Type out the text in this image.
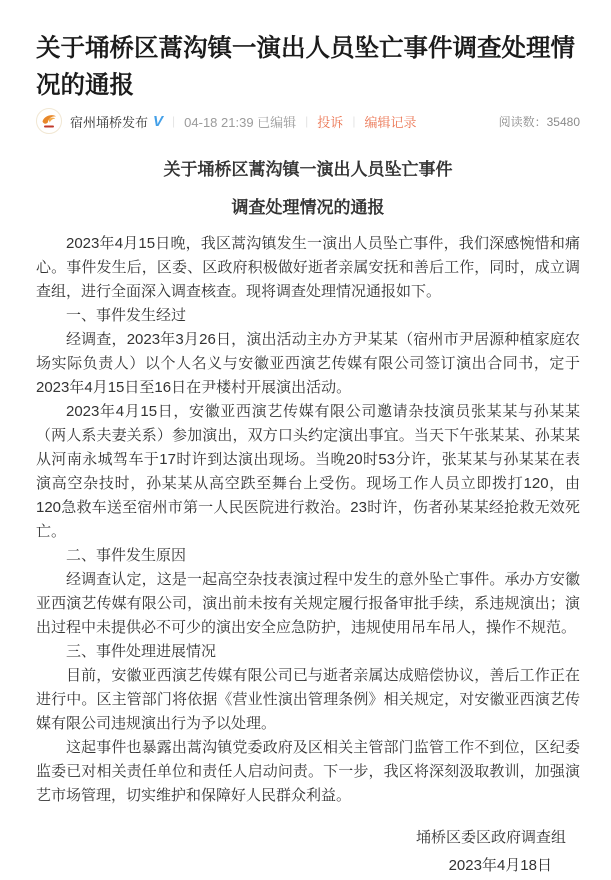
关于埇桥区蒿沟镇一演出人员坠亡事件调查处理情况的通报
宿州埇桥发布 V | 04-18 21:39 已编辑 | 投诉 | 编辑记录	阅读数：35480
关于埇桥区蒿沟镇一演出人员坠亡事件
调查处理情况的通报

2023年4月15日晚，我区蒿沟镇发生一演出人员坠亡事件，我们深感惋惜和痛心。事件发生后，区委、区政府积极做好逝者亲属安抚和善后工作，同时，成立调查组，进行全面深入调查核查。现将调查处理情况通报如下。

一、事件发生经过

经调查，2023年3月26日，演出活动主办方尹某某（宿州市尹居源种植家庭农场实际负责人）以个人名义与安徽亚西演艺传媒有限公司签订演出合同书，定于2023年4月15日至16日在尹楼村开展演出活动。

2023年4月15日，安徽亚西演艺传媒有限公司邀请杂技演员张某某与孙某某（两人系夫妻关系）参加演出，双方口头约定演出事宜。当天下午张某某、孙某某从河南永城驾车于17时许到达演出现场。当晚20时53分许，张某某与孙某某在表演高空杂技时，孙某某从高空跌至舞台上受伤。现场工作人员立即拨打120，由120急救车送至宿州市第一人民医院进行救治。23时许，伤者孙某某经抢救无效死亡。

二、事件发生原因

经调查认定，这是一起高空杂技表演过程中发生的意外坠亡事件。承办方安徽亚西演艺传媒有限公司，演出前未按有关规定履行报备审批手续，系违规演出；演出过程中未提供必不可少的演出安全应急防护，违规使用吊车吊人，操作不规范。

三、事件处理进展情况

目前，安徽亚西演艺传媒有限公司已与逝者亲属达成赔偿协议，善后工作正在进行中。区主管部门将依据《营业性演出管理条例》相关规定，对安徽亚西演艺传媒有限公司违规演出行为予以处理。

这起事件也暴露出蒿沟镇党委政府及区相关主管部门监管工作不到位，区纪委监委已对相关责任单位和责任人启动问责。下一步，我区将深刻汲取教训，加强演艺市场管理，切实维护和保障好人民群众利益。

埇桥区委区政府调查组
2023年4月18日
